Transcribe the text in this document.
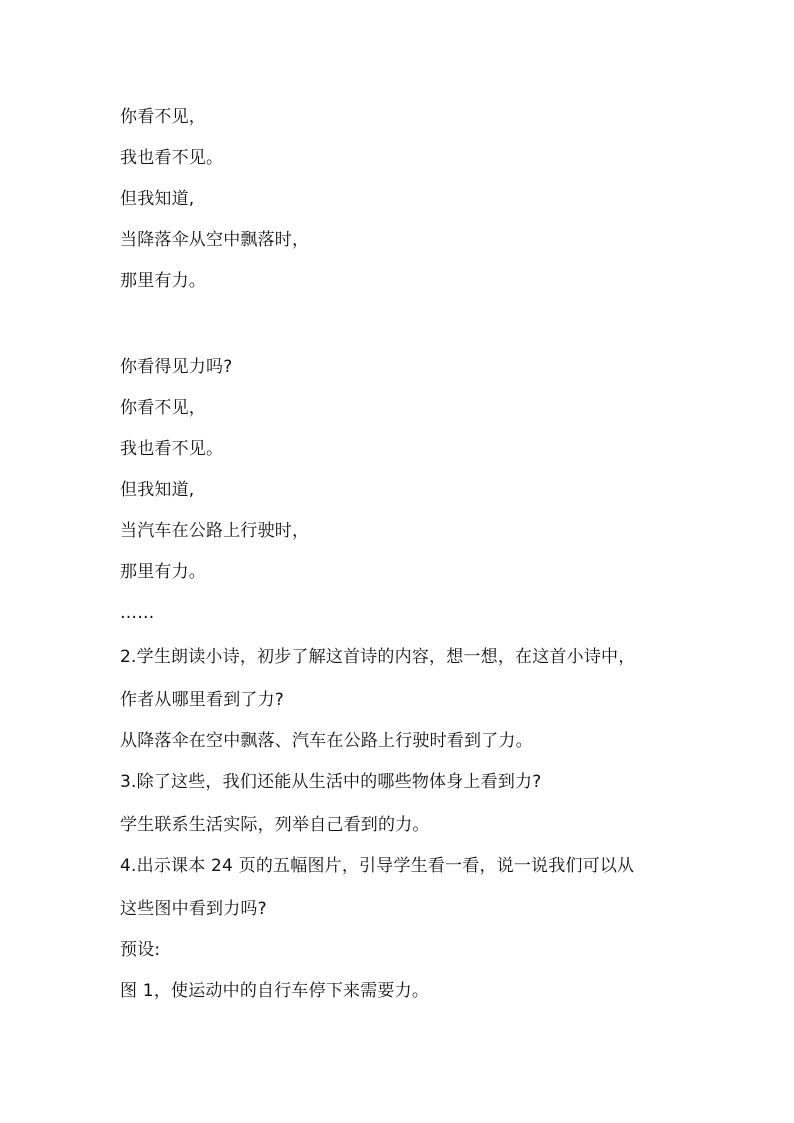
你看不见，
我也看不见。
但我知道,
当降落伞从空中飘落时，
那里有力。
你看得见力吗?
你看不见，
我也看不见。
但我知道,
当汽车在公路上行驶时，
那里有力。
……
2.学生朗读小诗，初步了解这首诗的内容，想一想，在这首小诗中，
作者从哪里看到了力?
从降落伞在空中飘落、汽车在公路上行驶时看到了力。
3.除了这些，我们还能从生活中的哪些物体身上看到力?
学生联系生活实际，列举自己看到的力。
4.出示课本 24 页的五幅图片，引导学生看一看，说一说我们可以从
这些图中看到力吗?
预设:
图 1，使运动中的自行车停下来需要力。
